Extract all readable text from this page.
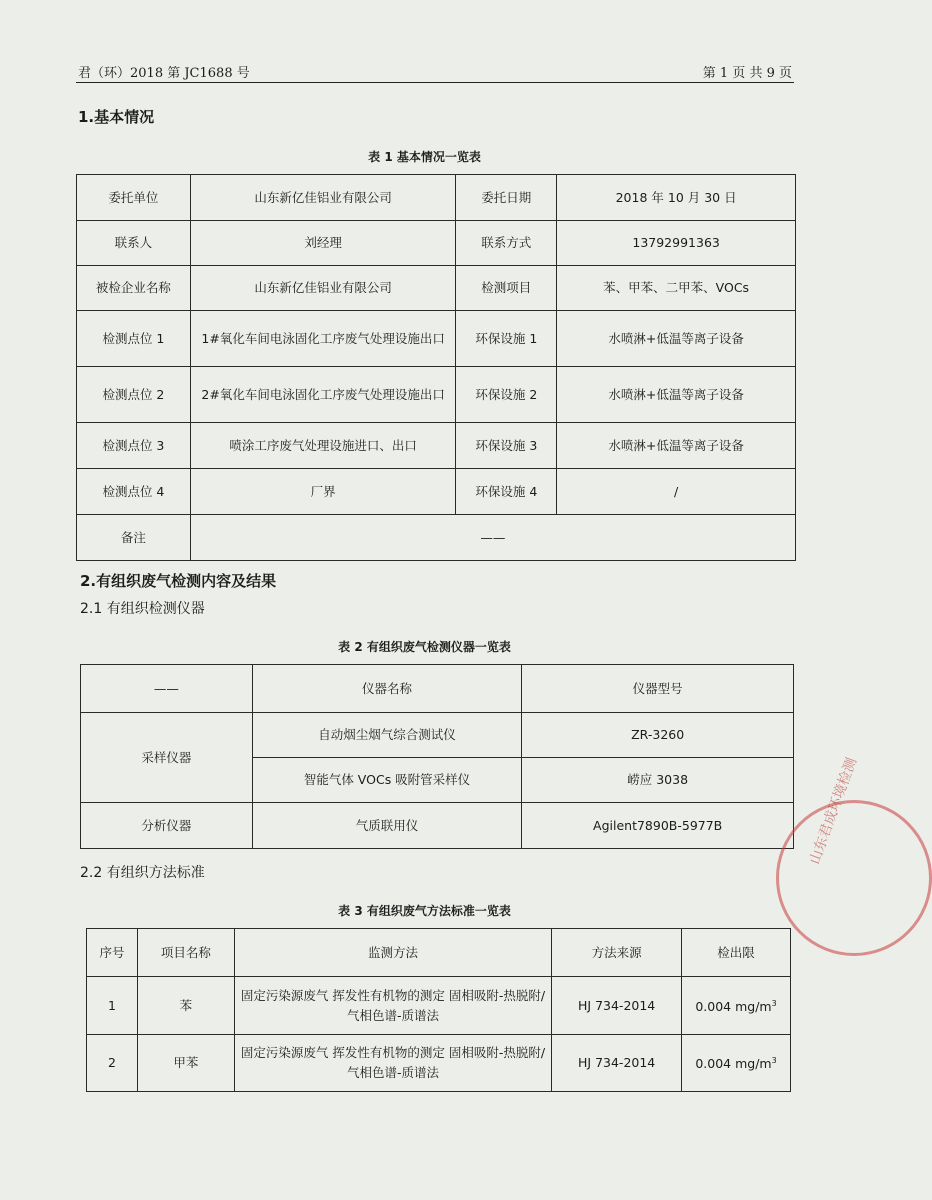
君（环）2018 第 JC1688 号	第 1 页 共 9 页
1.基本情况
表 1 基本情况一览表
委托单位	山东新亿佳铝业有限公司	委托日期	2018 年 10 月 30 日
联系人	刘经理	联系方式	13792991363
被检企业名称	山东新亿佳铝业有限公司	检测项目	苯、甲苯、二甲苯、VOCs
检测点位 1	1#氧化车间电泳固化工序废气处理设施出口	环保设施 1	水喷淋+低温等离子设备
检测点位 2	2#氧化车间电泳固化工序废气处理设施出口	环保设施 2	水喷淋+低温等离子设备
检测点位 3	喷涂工序废气处理设施进口、出口	环保设施 3	水喷淋+低温等离子设备
检测点位 4	厂界	环保设施 4	/
备注	——		
2.有组织废气检测内容及结果
2.1 有组织检测仪器
表 2 有组织废气检测仪器一览表
——	仪器名称	仪器型号
采样仪器	自动烟尘烟气综合测试仪	ZR-3260
	智能气体 VOCs 吸附管采样仪	崂应 3038
分析仪器	气质联用仪	Agilent7890B-5977B
2.2 有组织方法标准
表 3 有组织废气方法标准一览表
序号	项目名称	监测方法	方法来源	检出限
1	苯	固定污染源废气 挥发性有机物的测定 固相吸附-热脱附/气相色谱-质谱法	HJ 734-2014	0.004 $mg/m^3$
2	甲苯	固定污染源废气 挥发性有机物的测定 固相吸附-热脱附/气相色谱-质谱法	HJ 734-2014	0.004 $mg/m^3$
山东君成环境检测
